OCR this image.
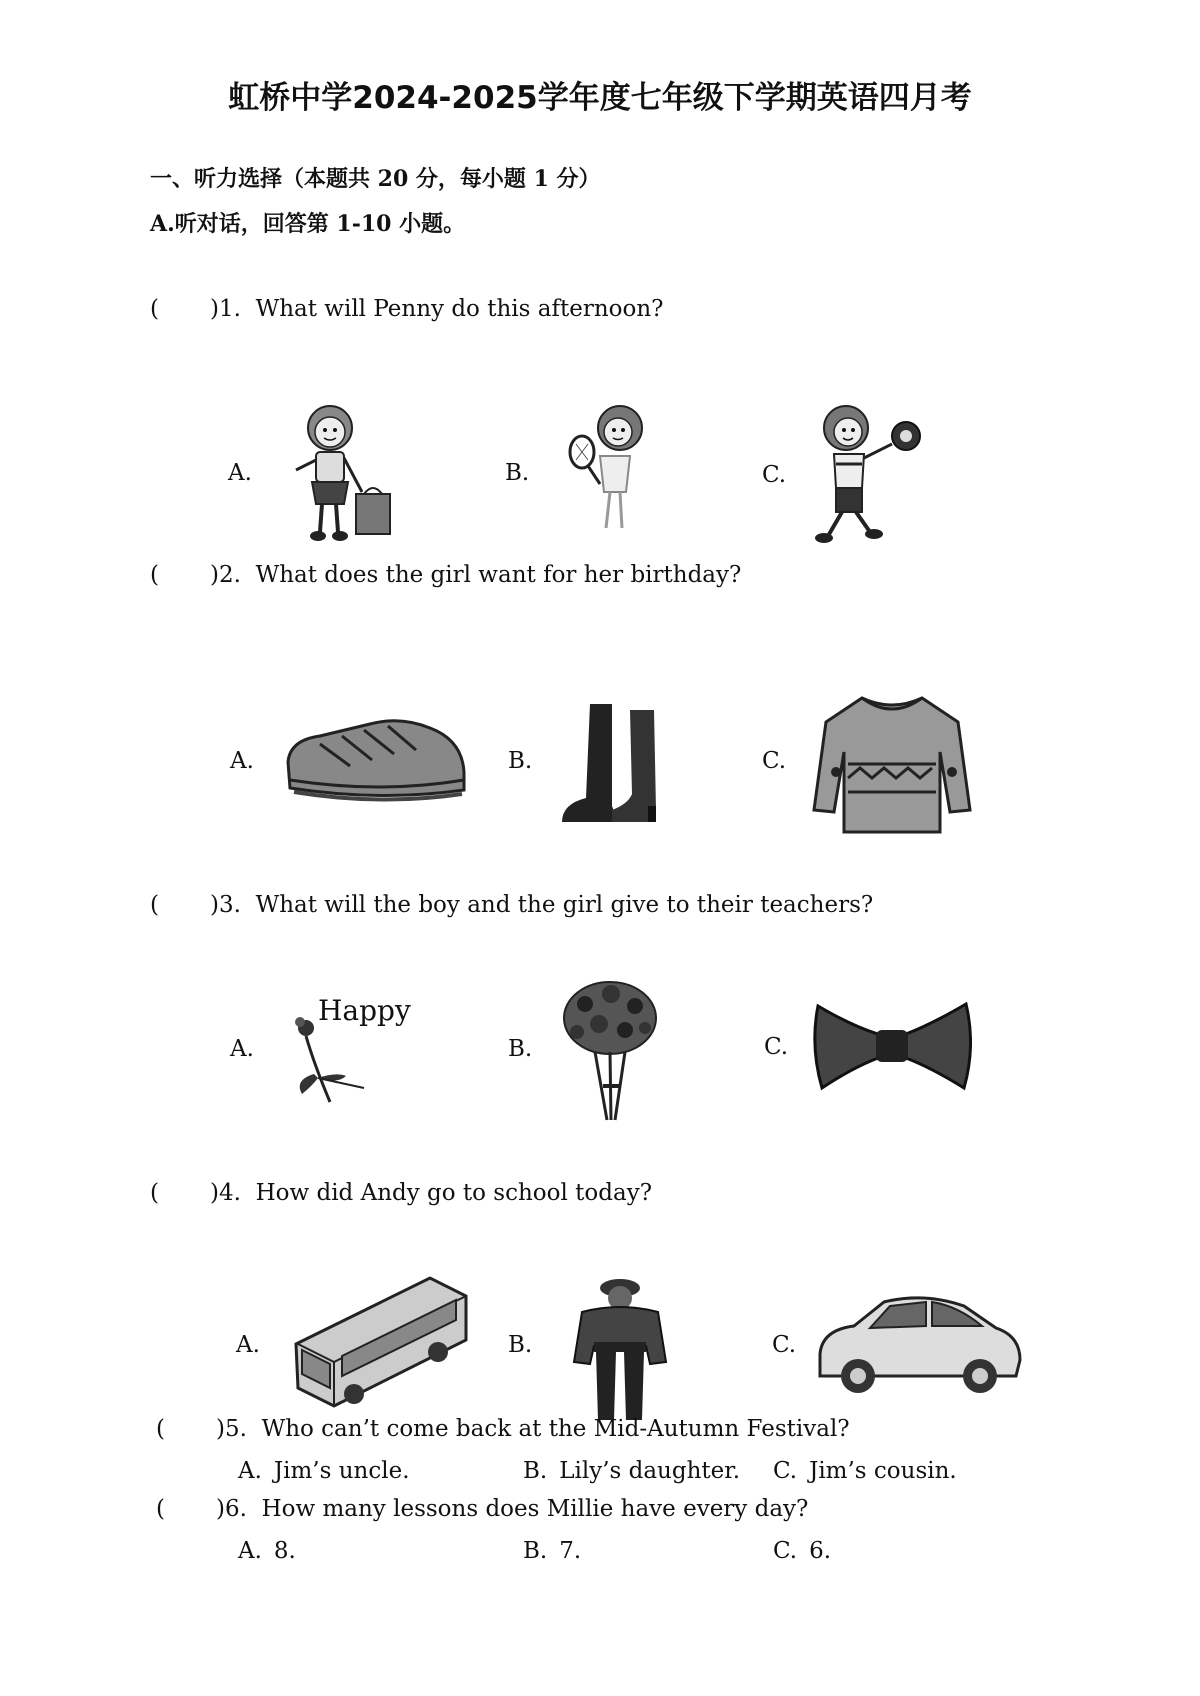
虹桥中学2024-2025学年度七年级下学期英语四月考
一、听力选择（本题共 20 分，每小题 1 分）
A.听对话，回答第 1-10 小题。
( )1. What will Penny do this afternoon?
A.	B.	C.
( )2. What does the girl want for her birthday?
A.	B.	C.
( )3. What will the boy and the girl give to their teachers?
A.	B.	C.
Happy
( )4. How did Andy go to school today?
A.	B.	C.
( )5. Who can’t come back at the Mid-Autumn Festival?
A. Jim’s uncle.	B. Lily’s daughter. C. Jim’s cousin.
( )6. How many lessons does Millie have every day?
A. 8.	B. 7.	C. 6.
